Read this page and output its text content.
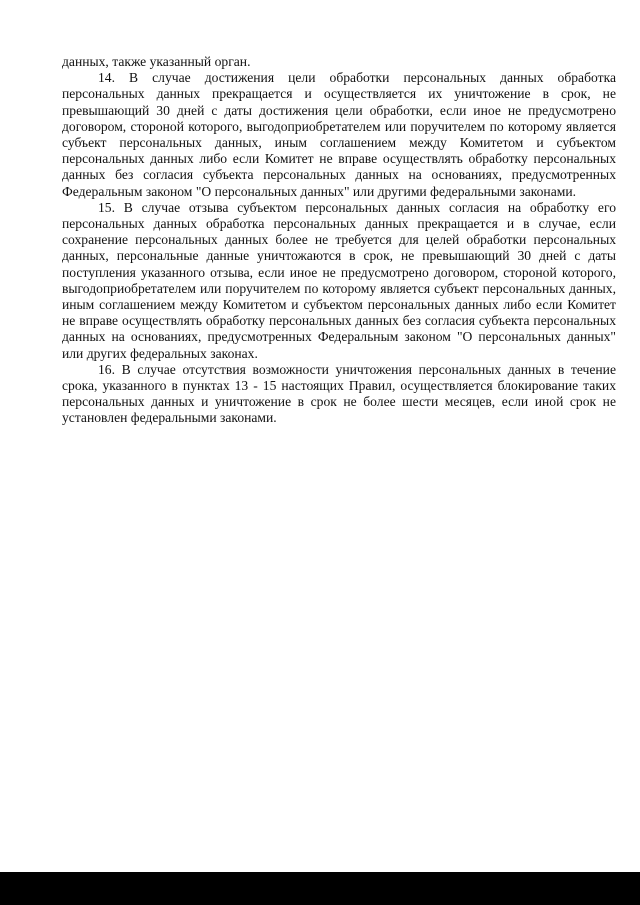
данных, также указанный орган.

14. В случае достижения цели обработки персональных данных обработка персональных данных прекращается и осуществляется их уничтожение в срок, не превышающий 30 дней с даты достижения цели обработки, если иное не предусмотрено договором, стороной которого, выгодоприобретателем или поручителем по которому является субъект персональных данных, иным соглашением между Комитетом и субъектом персональных данных либо если Комитет не вправе осуществлять обработку персональных данных без согласия субъекта персональных данных на основаниях, предусмотренных Федеральным законом "О персональных данных" или другими федеральными законами.

15. В случае отзыва субъектом персональных данных согласия на обработку его персональных данных обработка персональных данных прекращается и в случае, если сохранение персональных данных более не требуется для целей обработки персональных данных, персональные данные уничтожаются в срок, не превышающий 30 дней с даты поступления указанного отзыва, если иное не предусмотрено договором, стороной которого, выгодоприобретателем или поручителем по которому является субъект персональных данных, иным соглашением между Комитетом и субъектом персональных данных либо если Комитет не вправе осуществлять обработку персональных данных без согласия субъекта персональных данных на основаниях, предусмотренных Федеральным законом "О персональных данных" или других федеральных законах.

16. В случае отсутствия возможности уничтожения персональных данных в течение срока, указанного в пунктах 13 - 15 настоящих Правил, осуществляется блокирование таких персональных данных и уничтожение в срок не более шести месяцев, если иной срок не установлен федеральными законами.
